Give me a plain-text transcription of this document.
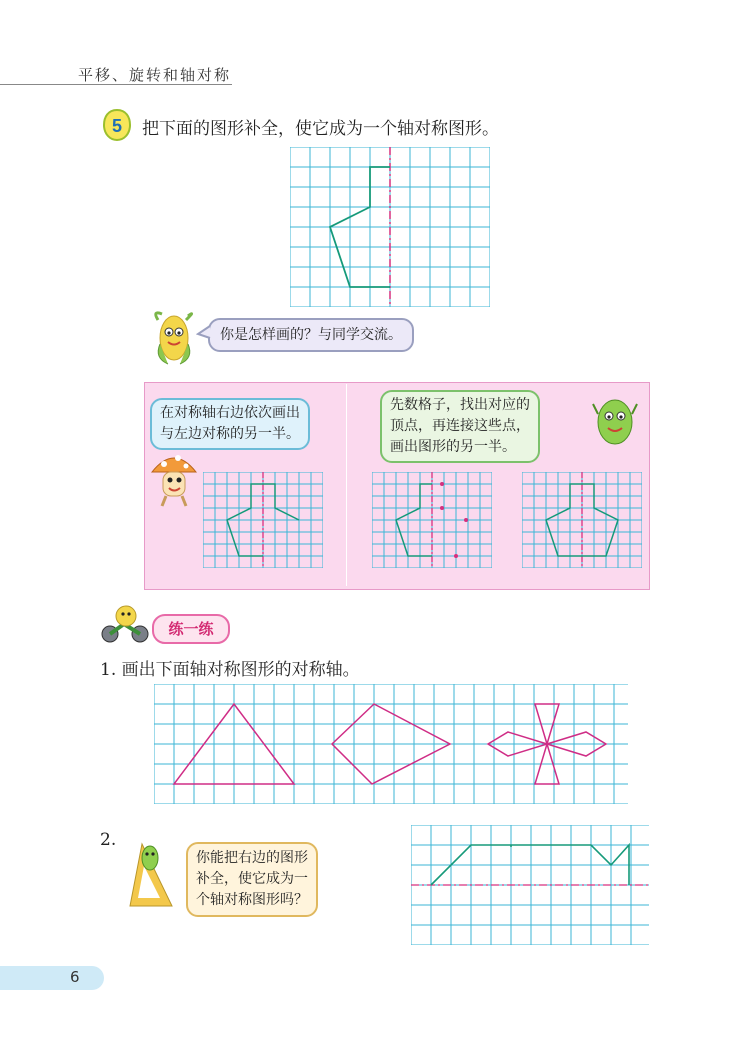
平移、旋转和轴对称
5 把下面的图形补全，使它成为一个轴对称图形。
你是怎样画的？与同学交流。
在对称轴右边依次画出
与左边对称的另一半。
先数格子，找出对应的
顶点，再连接这些点，
画出图形的另一半。
练一练
1. 画出下面轴对称图形的对称轴。
2.
你能把右边的图形
补全，使它成为一
个轴对称图形吗？
6
